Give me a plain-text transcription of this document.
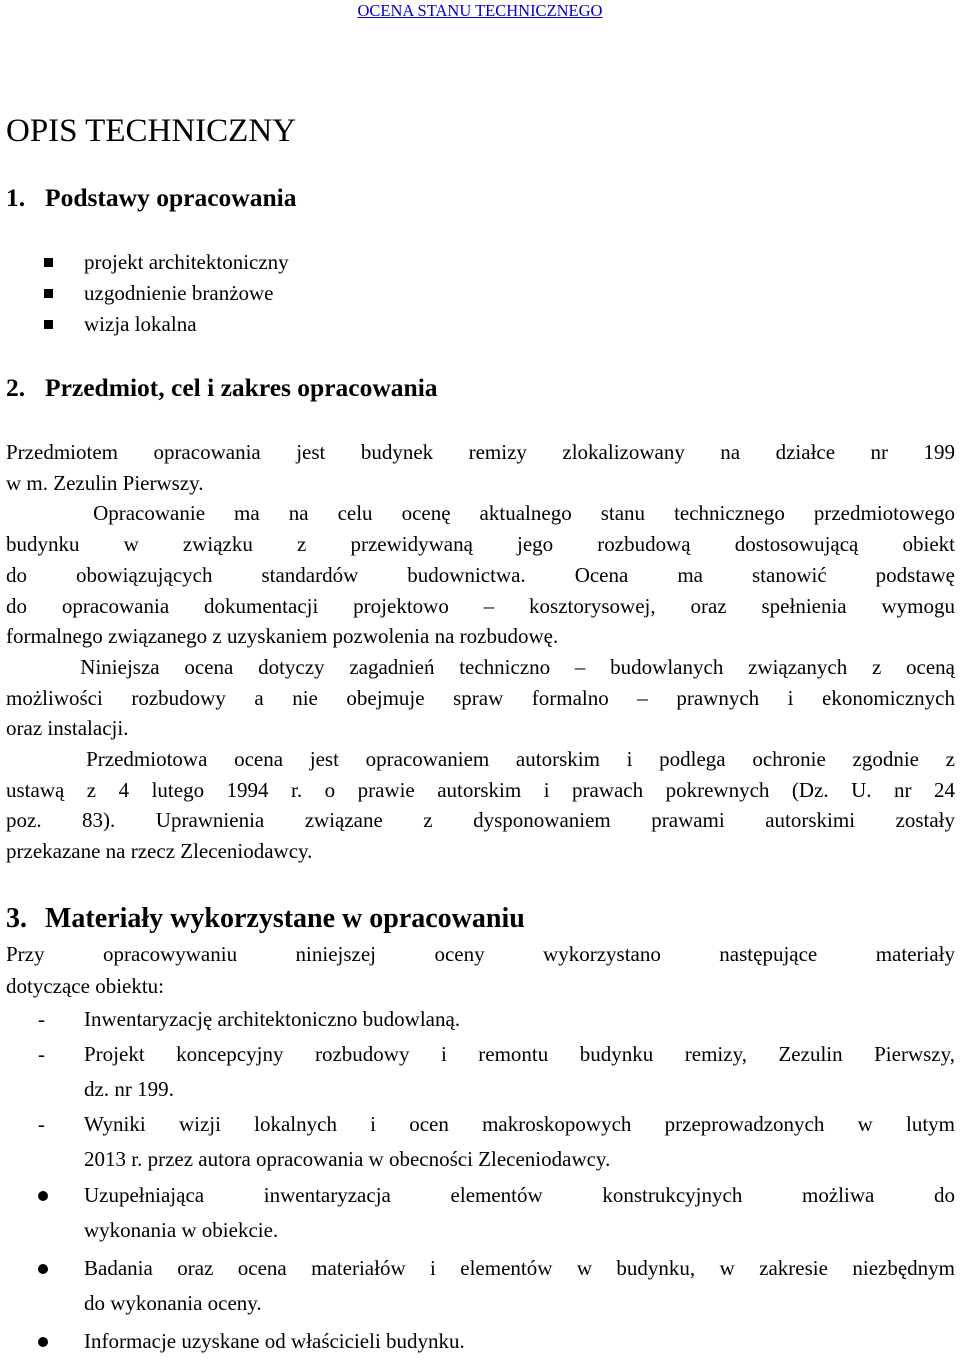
OCENA STANU TECHNICZNEGO
OPIS TECHNICZNY
1. Podstawy opracowania
projekt architektoniczny
uzgodnienie branżowe
wizja lokalna
2. Przedmiot, cel i zakres opracowania
Przedmiotem opracowania jest budynek remizy zlokalizowany na działce nr 199
w m. Zezulin Pierwszy.
Opracowanie ma na celu ocenę aktualnego stanu technicznego przedmiotowego
budynku w związku z przewidywaną jego rozbudową dostosowującą obiekt
do obowiązujących standardów budownictwa. Ocena ma stanowić podstawę
do opracowania dokumentacji projektowo – kosztorysowej, oraz spełnienia wymogu
formalnego związanego z uzyskaniem pozwolenia na rozbudowę.
Niniejsza ocena dotyczy zagadnień techniczno – budowlanych związanych z oceną
możliwości rozbudowy a nie obejmuje spraw formalno – prawnych i ekonomicznych
oraz instalacji.
Przedmiotowa ocena jest opracowaniem autorskim i podlega ochronie zgodnie z
ustawą z 4 lutego 1994 r. o prawie autorskim i prawach pokrewnych (Dz. U. nr 24
poz. 83). Uprawnienia związane z dysponowaniem prawami autorskimi zostały
przekazane na rzecz Zleceniodawcy.
3. Materiały wykorzystane w opracowaniu
Przy opracowywaniu niniejszej oceny wykorzystano następujące materiały
dotyczące obiektu:
- Inwentaryzację architektoniczno budowlaną.
- Projekt koncepcyjny rozbudowy i remontu budynku remizy, Zezulin Pierwszy,
dz. nr 199.
- Wyniki wizji lokalnych i ocen makroskopowych przeprowadzonych w lutym
2013 r. przez autora opracowania w obecności Zleceniodawcy.
Uzupełniająca inwentaryzacja elementów konstrukcyjnych możliwa do
wykonania w obiekcie.
Badania oraz ocena materiałów i elementów w budynku, w zakresie niezbędnym
do wykonania oceny.
Informacje uzyskane od właścicieli budynku.
